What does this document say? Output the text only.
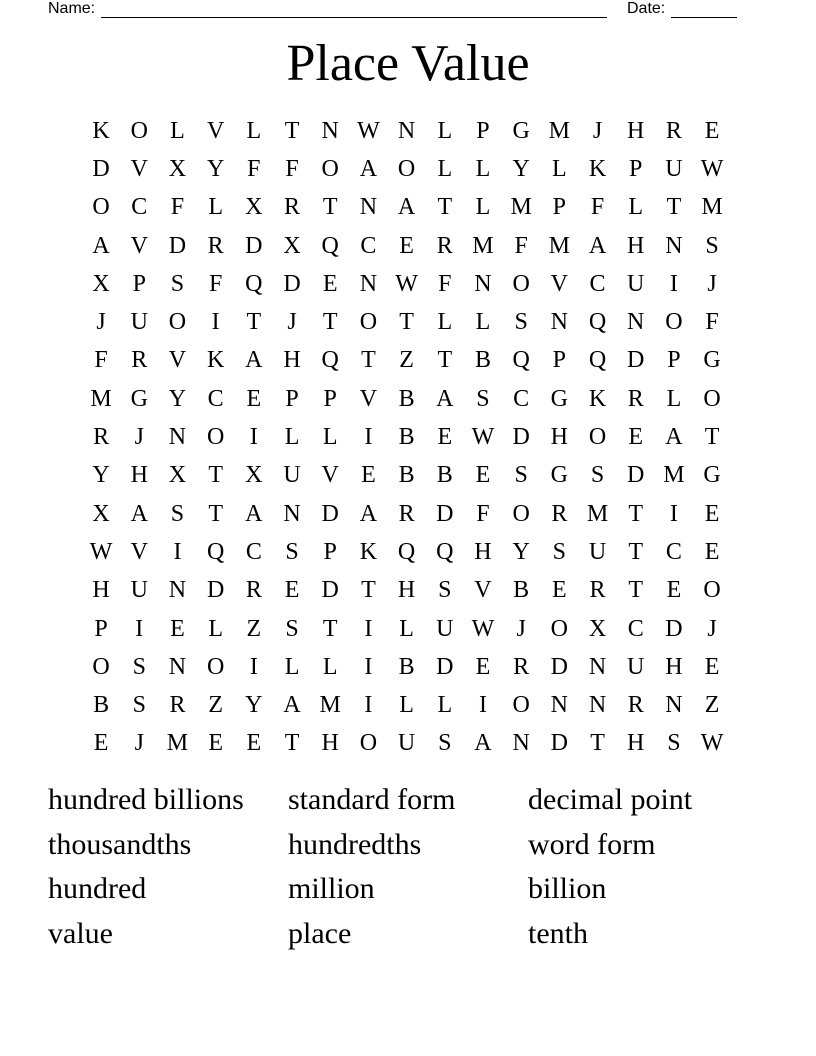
Name:	Date:
Place Value
K O L V L T N W N L	P G M J	H R E
D V X Y F	F O A O L L Y L K P U W
O C F	L X R T N A T L M P	F	L T M
A V D R D X Q C E R M F M A H N S
X P	S	F Q D E N W F N O V C U	I	J
J	U O	I	T	J	T O T L L	S N Q N O F
F R V K A H Q T Z T B Q P Q D P G
M G Y C E	P	P V B A S C G K R L O
R	J	N O	I	L L	I	B E W D H O E A T
Y H X T X U V E B B E	S G S D M G
X A S	T A N D A R D F O R M T	I	E
W V	I	Q C S	P K Q Q H Y S U T C E
H U N D R E D T H S V B E R T E O
P	I	E L Z	S	T	I	L U W J	O X C D	J
O S N O	I	L L	I	B D E R D N U H E
B S R Z Y A M I	L L	I	O N N R N Z
E	J M E E T H O U S A N D T H S W
hundred billions	standard form	decimal point
thousandths	hundredths	word form
hundred	million	billion
value	place	tenth
